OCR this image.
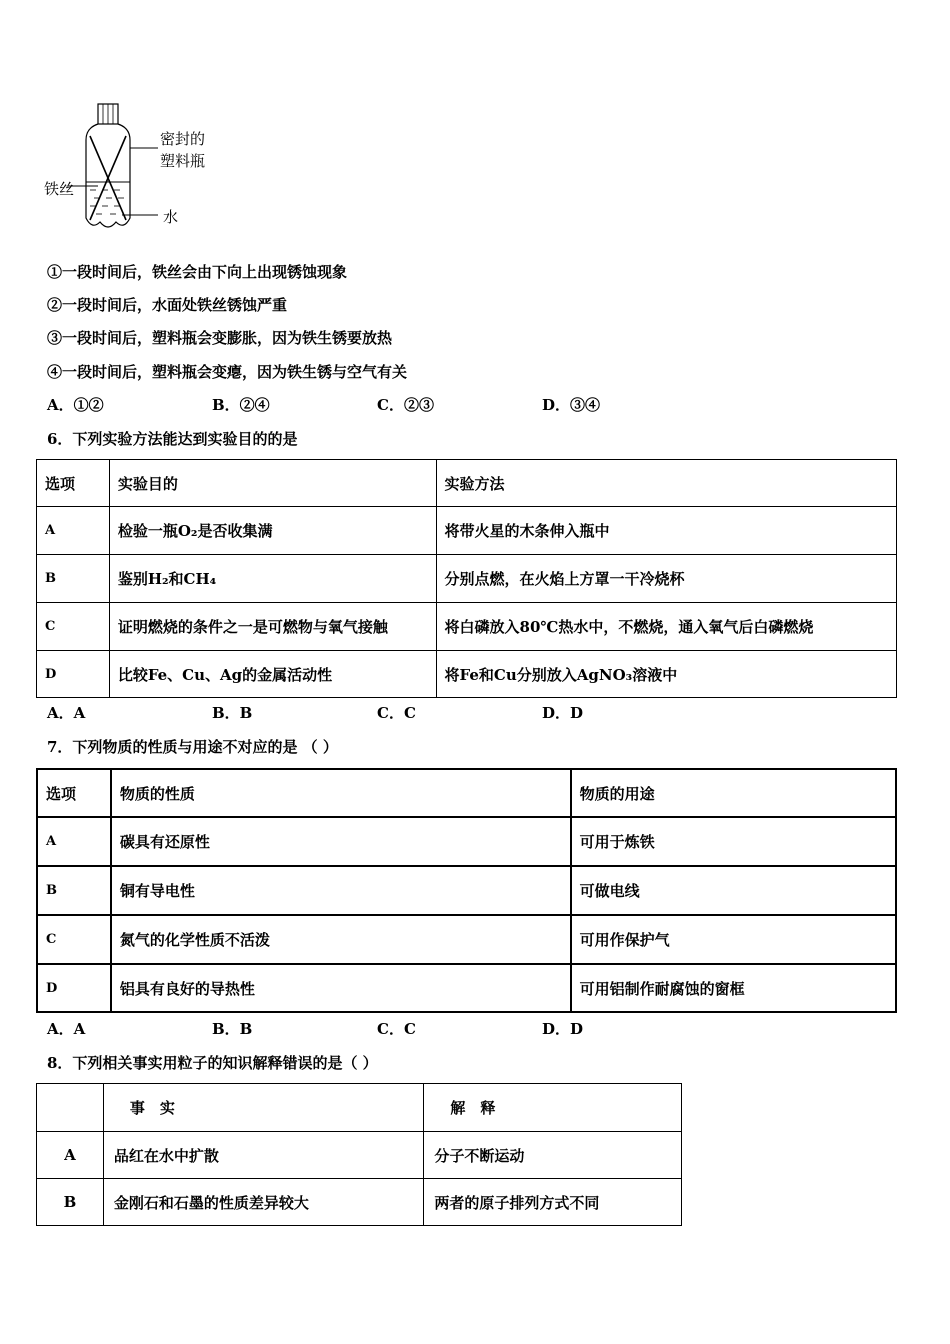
密封的
塑料瓶
铁丝
水
①一段时间后，铁丝会由下向上出现锈蚀现象
②一段时间后，水面处铁丝锈蚀严重
③一段时间后，塑料瓶会变膨胀，因为铁生锈要放热
④一段时间后，塑料瓶会变瘪，因为铁生锈与空气有关
A．①②	B．②④	C．②③	D．③④
6．下列实验方法能达到实验目的的是
选项	实验目的	实验方法
A	检验一瓶O₂是否收集满	将带火星的木条伸入瓶中
B	鉴别H₂和CH₄	分别点燃，在火焰上方罩一干冷烧杯
C	证明燃烧的条件之一是可燃物与氧气接触	将白磷放入80℃热水中，不燃烧，通入氧气后白磷燃烧
D	比较Fe、Cu、Ag的金属活动性	将Fe和Cu分别放入AgNO₃溶液中
A．A	B．B	C．C	D．D
7．下列物质的性质与用途不对应的是 （ ）
选项	物质的性质	物质的用途
A	碳具有还原性	可用于炼铁
B	铜有导电性	可做电线
C	氮气的化学性质不活泼	可用作保护气
D	铝具有良好的导热性	可用铝制作耐腐蚀的窗框
A．A	B．B	C．C	D．D
8．下列相关事实用粒子的知识解释错误的是（ ）
	事　实	解　释
A	品红在水中扩散	分子不断运动
B	金刚石和石墨的性质差异较大	两者的原子排列方式不同
